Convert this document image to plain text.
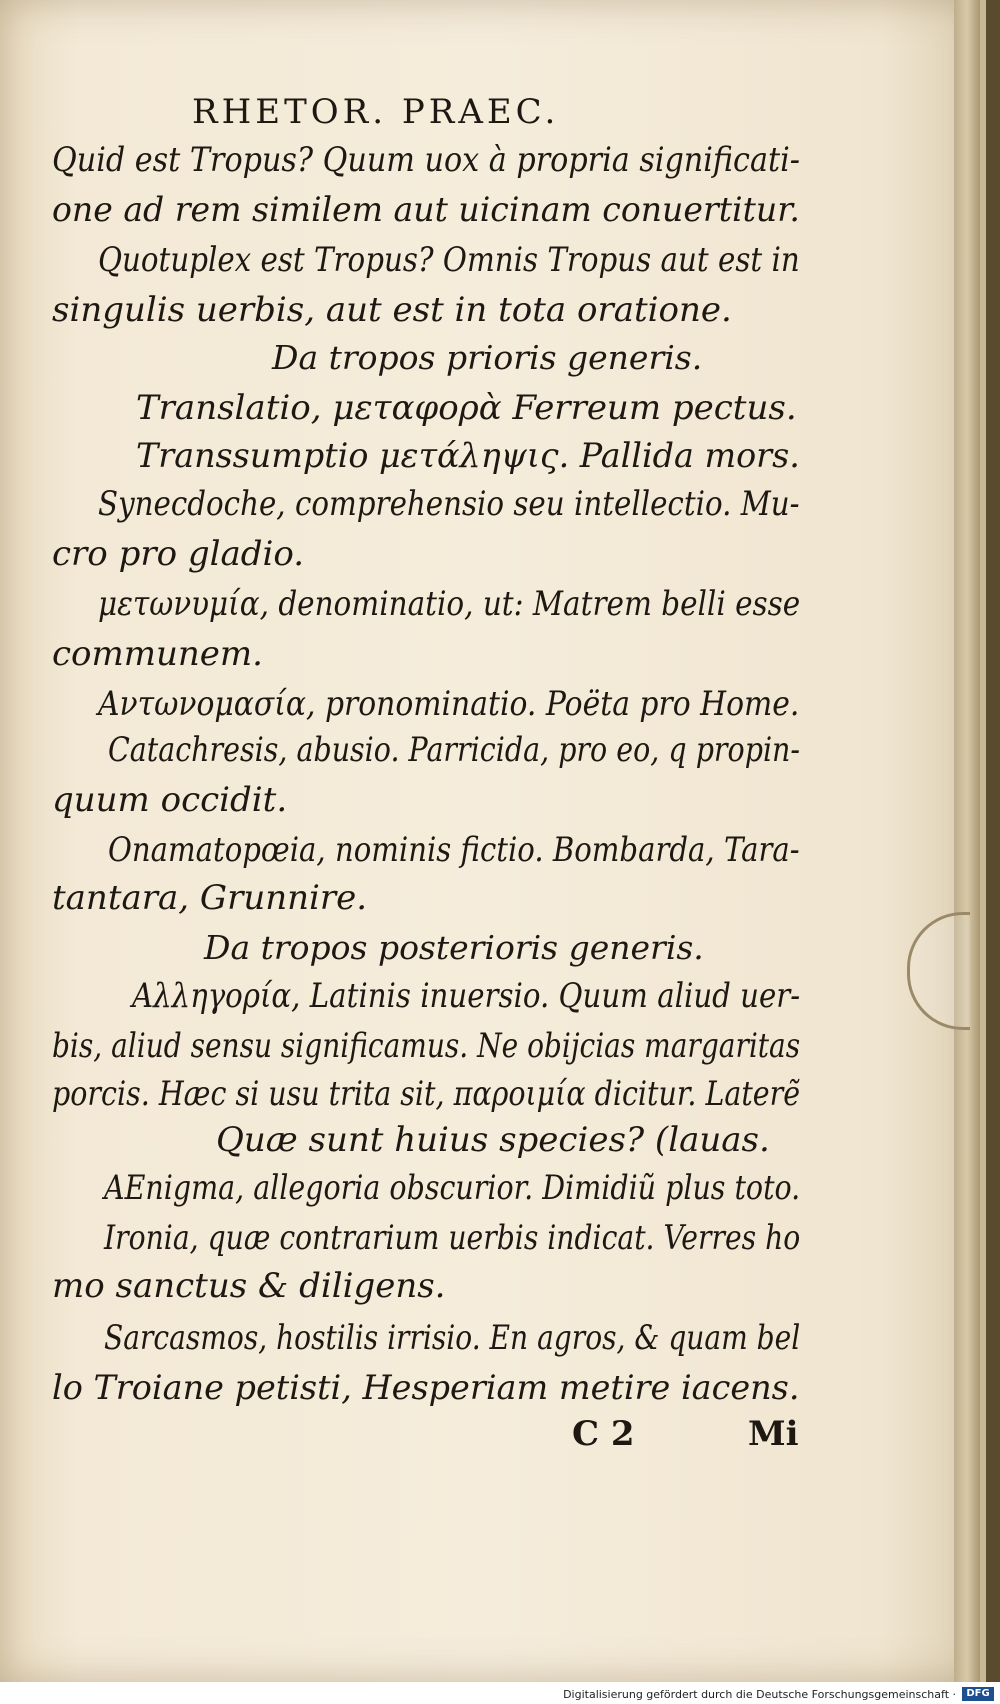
RHETOR. PRAEC.
Quid est Tropus? Quum uox à propria significati-
one ad rem similem aut uicinam conuertitur.
Quotuplex est Tropus? Omnis Tropus aut est in
singulis uerbis, aut est in tota oratione.
Da tropos prioris generis.
Translatio, μεταφορὰ Ferreum pectus.
Transsumptio μετάληψις. Pallida mors.
Synecdoche, comprehensio seu intellectio. Mu-
cro pro gladio.
μετωνυμία, denominatio, ut: Matrem belli esse
communem.
Αντωνομασία, pronominatio. Poëta pro Home.
Catachresis, abusio. Parricida, pro eo, q propin-
quum occidit.
Onamatopœia, nominis fictio. Bombarda, Tara-
tantara, Grunnire.
Da tropos posterioris generis.
Αλληγορία, Latinis inuersio. Quum aliud uer-
bis, aliud sensu significamus. Ne obijcias margaritas
porcis. Hæc si usu trita sit, παροιμία dicitur. Laterẽ
Quæ sunt huius species? (lauas.
AEnigma, allegoria obscurior. Dimidiũ plus toto.
Ironia, quæ contrarium uerbis indicat. Verres ho
mo sanctus & diligens.
Sarcasmos, hostilis irrisio. En agros, & quam bel
lo Troiane petisti, Hesperiam metire iacens.
C 2	Mi
Digitalisierung gefördert durch die Deutsche Forschungsgemeinschaft ·	DFG
